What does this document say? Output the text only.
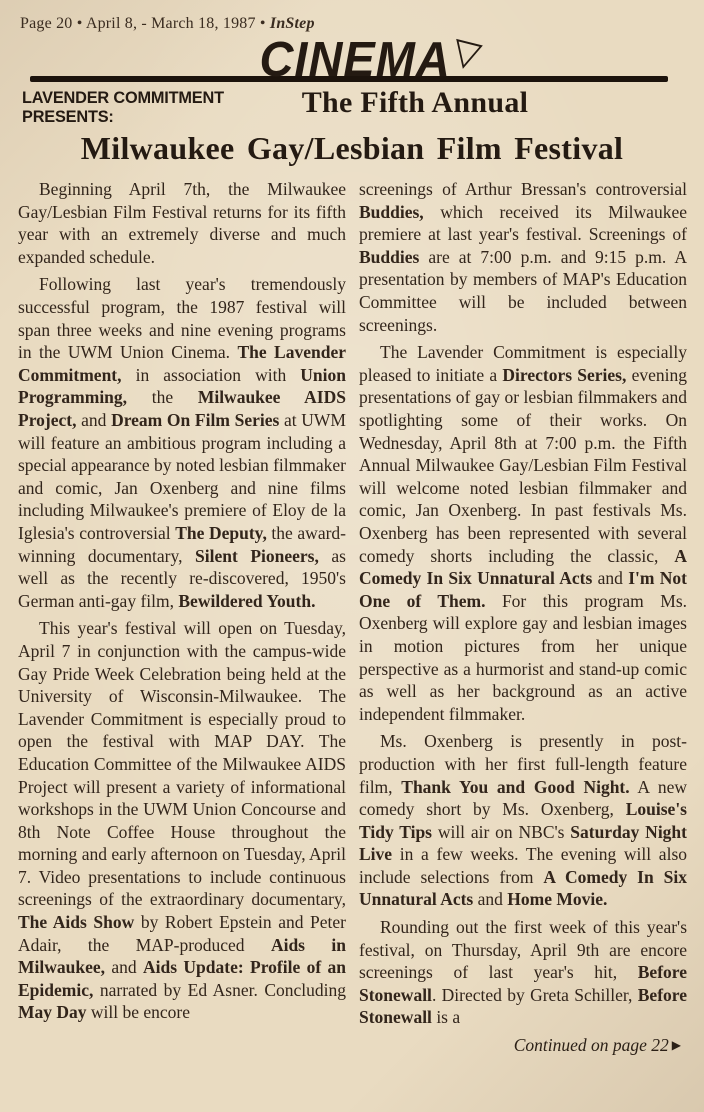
Page 20 • April 8, - March 18, 1987 • InStep
CINEMA▽
LAVENDER COMMITMENT
PRESENTS:	The Fifth Annual
Milwaukee Gay/Lesbian Film Festival

Beginning April 7th, the Milwaukee Gay/Lesbian Film Festival returns for its fifth year with an extremely diverse and much expanded schedule.

Following last year's tremendously successful program, the 1987 festival will span three weeks and nine evening programs in the UWM Union Cinema. The Lavender Commitment, in association with Union Programming, the Milwaukee AIDS Project, and Dream On Film Series at UWM will feature an ambitious program including a special appearance by noted lesbian filmmaker and comic, Jan Oxenberg and nine films including Milwaukee's premiere of Eloy de la Iglesia's controversial The Deputy, the award-winning documentary, Silent Pioneers, as well as the recently re-discovered, 1950's German anti-gay film, Bewildered Youth.

This year's festival will open on Tuesday, April 7 in conjunction with the campus-wide Gay Pride Week Celebration being held at the University of Wisconsin-Milwaukee. The Lavender Commitment is especially proud to open the festival with MAP DAY. The Education Committee of the Milwaukee AIDS Project will present a variety of informational workshops in the UWM Union Concourse and 8th Note Coffee House throughout the morning and early afternoon on Tuesday, April 7. Video presentations to include continuous screenings of the extraordinary documentary, The Aids Show by Robert Epstein and Peter Adair, the MAP-produced Aids in Milwaukee, and Aids Update: Profile of an Epidemic, narrated by Ed Asner. Concluding May Day will be encore

screenings of Arthur Bressan's controversial Buddies, which received its Milwaukee premiere at last year's festival. Screenings of Buddies are at 7:00 p.m. and 9:15 p.m. A presentation by members of MAP's Education Committee will be included between screenings.

The Lavender Commitment is especially pleased to initiate a Directors Series, evening presentations of gay or lesbian filmmakers and spotlighting some of their works. On Wednesday, April 8th at 7:00 p.m. the Fifth Annual Milwaukee Gay/Lesbian Film Festival will welcome noted lesbian filmmaker and comic, Jan Oxenberg. In past festivals Ms. Oxenberg has been represented with several comedy shorts including the classic, A Comedy In Six Unnatural Acts and I'm Not One of Them. For this program Ms. Oxenberg will explore gay and lesbian images in motion pictures from her unique perspective as a hurmorist and stand-up comic as well as her background as an active independent filmmaker.

Ms. Oxenberg is presently in post-production with her first full-length feature film, Thank You and Good Night. A new comedy short by Ms. Oxenberg, Louise's Tidy Tips will air on NBC's Saturday Night Live in a few weeks. The evening will also include selections from A Comedy In Six Unnatural Acts and Home Movie.

Rounding out the first week of this year's festival, on Thursday, April 9th are encore screenings of last year's hit, Before Stonewall. Directed by Greta Schiller, Before Stonewall is a

Continued on page 22 ▶
